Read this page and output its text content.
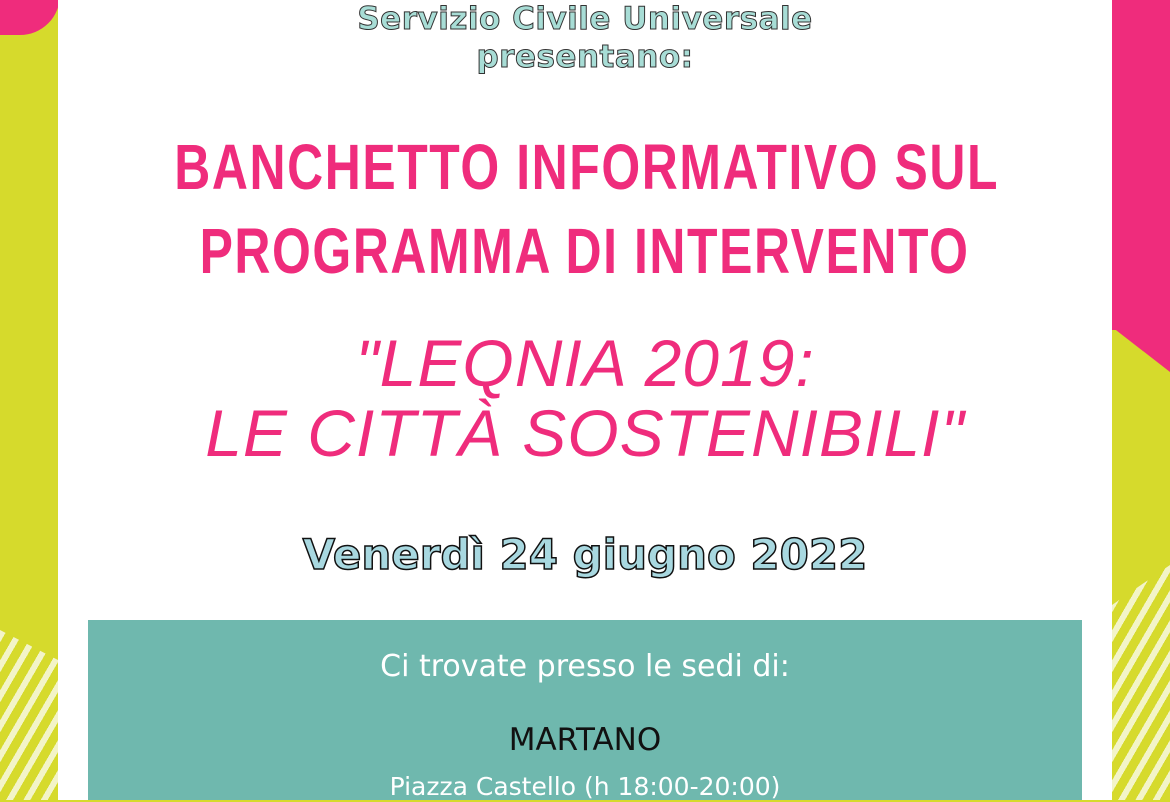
Servizio Civile Universale
presentano:
BANCHETTO INFORMATIVO SUL
PROGRAMMA DI INTERVENTO
"LEQNIA 2019:
LE CITTÀ SOSTENIBILI"
Venerdì 24 giugno 2022
Ci trovate presso le sedi di:
MARTANO
Piazza Castello (h 18:00-20:00)
